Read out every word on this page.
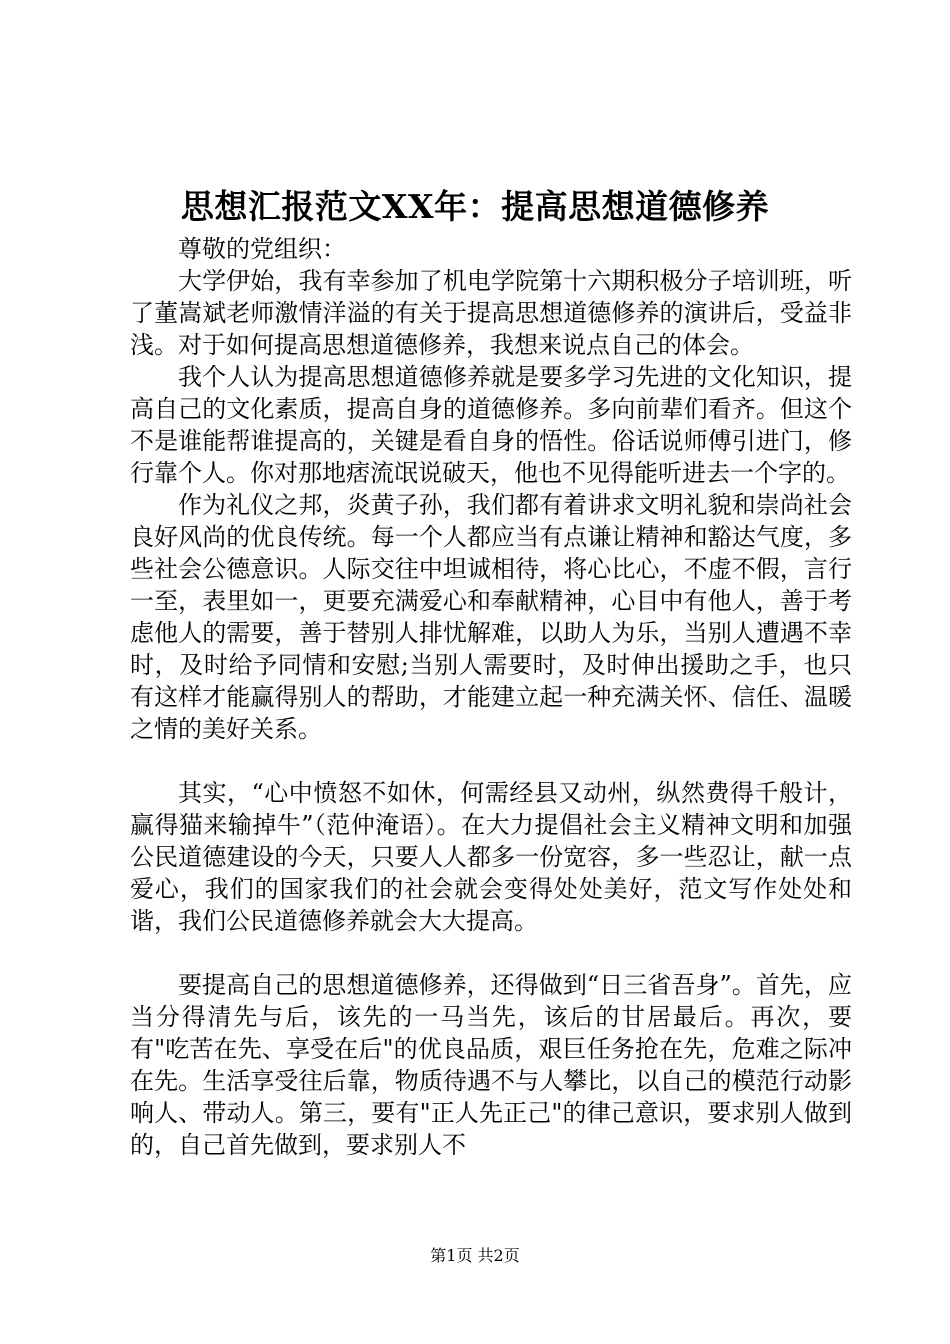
思想汇报范文XX年：提高思想道德修养

尊敬的党组织：

大学伊始，我有幸参加了机电学院第十六期积极分子培训班，听了董嵩斌老师激情洋溢的有关于提高思想道德修养的演讲后，受益非浅。对于如何提高思想道德修养，我想来说点自己的体会。

我个人认为提高思想道德修养就是要多学习先进的文化知识，提高自己的文化素质，提高自身的道德修养。多向前辈们看齐。但这个不是谁能帮谁提高的，关键是看自身的悟性。俗话说师傅引进门，修行靠个人。你对那地痞流氓说破天，他也不见得能听进去一个字的。

作为礼仪之邦，炎黄子孙，我们都有着讲求文明礼貌和崇尚社会良好风尚的优良传统。每一个人都应当有点谦让精神和豁达气度，多些社会公德意识。人际交往中坦诚相待，将心比心，不虚不假，言行一至，表里如一，更要充满爱心和奉献精神，心目中有他人，善于考虑他人的需要，善于替别人排忧解难，以助人为乐，当别人遭遇不幸时，及时给予同情和安慰;当别人需要时，及时伸出援助之手，也只有这样才能赢得别人的帮助，才能建立起一种充满关怀、信任、温暖之情的美好关系。

其实，“心中愤怒不如休，何需经县又动州，纵然费得千般计，赢得猫来输掉牛”（范仲淹语）。在大力提倡社会主义精神文明和加强公民道德建设的今天，只要人人都多一份宽容，多一些忍让，献一点爱心，我们的国家我们的社会就会变得处处美好，范文写作处处和谐，我们公民道德修养就会大大提高。

要提高自己的思想道德修养，还得做到“日三省吾身”。首先，应当分得清先与后，该先的一马当先，该后的甘居最后。再次，要有"吃苦在先、享受在后"的优良品质，艰巨任务抢在先，危难之际冲在先。生活享受往后靠，物质待遇不与人攀比，以自己的模范行动影响人、带动人。第三，要有"正人先正己"的律己意识，要求别人做到的，自己首先做到，要求别人不

第1页 共2页
